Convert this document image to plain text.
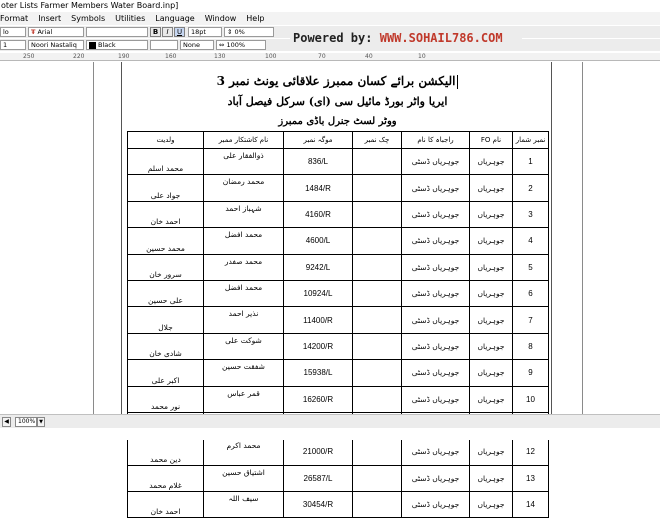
oter Lists Farmer Members Water Board.inp]
Format	Insert	Symbols	Utilities	Language	Window	Help
lo	Ŧ Arial	B	I	U	18pt	⇕ 0%
1	Noori Nastaliq	Black	None	⇔ 100%	Powered by: WWW.SOHAIL786.COM
250	220	190	160	130	100	70	40	10
الیکشن برائے کسان ممبرز علاقائی یونٹ نمبر 3
ایریا واٹر بورڈ مائیل سی (ای) سرکل فیصل آباد
ووٹر لسٹ جنرل باڈی ممبرز
نمبر شمار	نام FO	راجباہ کا نام	چک نمبر	موگہ نمبر	نام کاشتکار ممبر	ولدیت
1	جوہریاں	جوہریاں ڈسٹی		836/L	ذوالفقار علی	محمد اسلم
2	جوہریاں	جوہریاں ڈسٹی		1484/R	محمد رمضان	جواد علی
3	جوہریاں	جوہریاں ڈسٹی		4160/R	شہباز احمد	احمد خان
4	جوہریاں	جوہریاں ڈسٹی		4600/L	محمد افضل	محمد حسین
5	جوہریاں	جوہریاں ڈسٹی		9242/L	محمد صفدر	سرور خان
6	جوہریاں	جوہریاں ڈسٹی		10924/L	محمد افضل	علی حسین
7	جوہریاں	جوہریاں ڈسٹی		11400/R	نذیر احمد	جلال
8	جوہریاں	جوہریاں ڈسٹی		14200/R	شوکت علی	شادی خان
9	جوہریاں	جوہریاں ڈسٹی		15938/L	شفقت حسین	اکبر علی
10	جوہریاں	جوہریاں ڈسٹی		16260/R	قمر عباس	نور محمد

12	جوہریاں	جوہریاں ڈسٹی		21000/R	محمد اکرم	دین محمد
13	جوہریاں	جوہریاں ڈسٹی		26587/L	اشتیاق حسین	غلام محمد
14	جوہریاں	جوہریاں ڈسٹی		30454/R	سیف اللہ	احمد خان
◀	100% ▼
